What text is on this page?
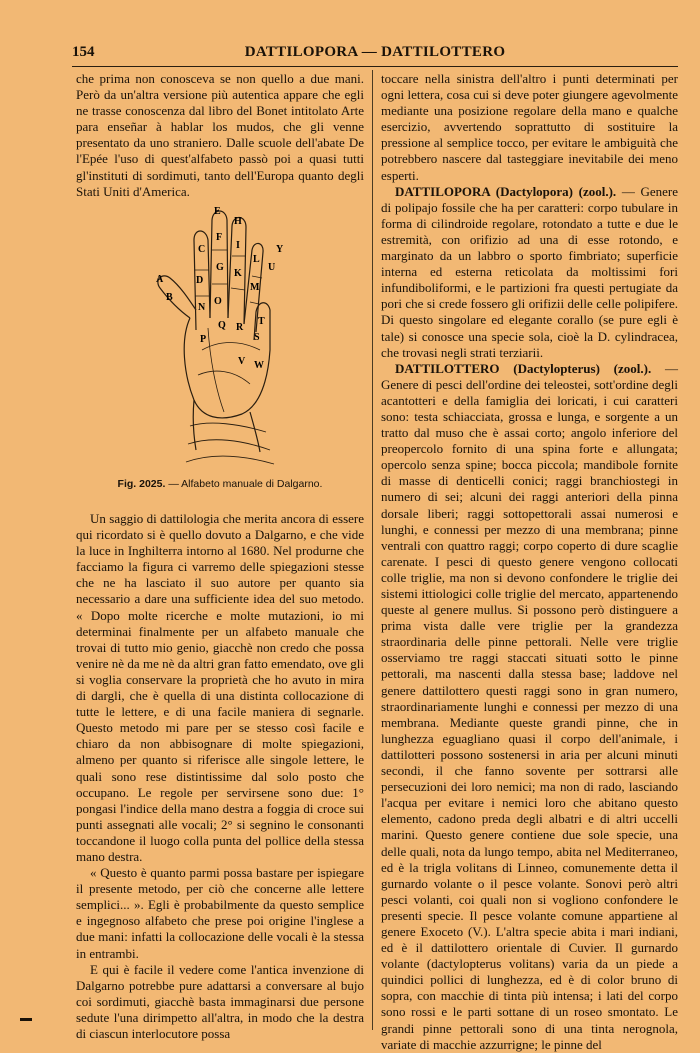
154	DATTILOPORA — DATTILOTTERO

che prima non conosceva se non quello a due mani. Però da un'altra versione più autentica appare che egli ne trasse conoscenza dal libro del Bonet intitolato Arte para enseñar à hablar los mudos, che gli venne presentato da uno straniero. Dalle scuole dell'abate De l'Epée l'uso di quest'alfabeto passò poi a quasi tutti gl'instituti di sordimuti, tanto dell'Europa quanto degli Stati Uniti d'America.

A
B
C
D
E
F
G
H
I
K
L
M
N
O
P
Q R
S
T
U
V W
Y
Fig. 2025. — Alfabeto manuale di Dalgarno.

Un saggio di dattilologia che merita ancora di essere qui ricordato si è quello dovuto a Dalgarno, e che vide la luce in Inghilterra intorno al 1680. Nel produrne che facciamo la figura ci varremo delle spiegazioni stesse che ne ha lasciato il suo autore per quanto sia necessario a dare una sufficiente idea del suo metodo. « Dopo molte ricerche e molte mutazioni, io mi determinai finalmente per un alfabeto manuale che trovai di tutto mio genio, giacchè non credo che possa venire nè da me nè da altri gran fatto emendato, ove gli si voglia conservare la proprietà che ho avuto in mira di dargli, che è quella di una distinta collocazione di tutte le lettere, e di una facile maniera di segnarle. Questo metodo mi pare per se stesso così facile e chiaro da non abbisognare di molte spiegazioni, almeno per quanto si riferisce alle singole lettere, le quali sono rese distintissime dal solo posto che occupano. Le regole per servirsene sono due: 1° pongasi l'indice della mano destra a foggia di croce sui punti assegnati alle vocali; 2° si segnino le consonanti toccandone il luogo colla punta del pollice della stessa mano destra.

« Questo è quanto parmi possa bastare per ispiegare il presente metodo, per ciò che concerne alle lettere semplici... ». Egli è probabilmente da questo semplice e ingegnoso alfabeto che prese poi origine l'inglese a due mani: infatti la collocazione delle vocali è la stessa in entrambi.

E qui è facile il vedere come l'antica invenzione di Dalgarno potrebbe pure adattarsi a conversare al bujo coi sordimuti, giacchè basta immaginarsi due persone sedute l'una dirimpetto all'altra, in modo che la destra di ciascun interlocutore possa

toccare nella sinistra dell'altro i punti determinati per ogni lettera, cosa cui si deve poter giungere agevolmente mediante una posizione regolare della mano e qualche esercizio, avvertendo soprattutto di sostituire la pressione al semplice tocco, per evitare le ambiguità che potrebbero nascere dal tasteggiare inevitabile dei meno esperti.

DATTILOPORA (Dactylopora) (zool.). — Genere di polipajo fossile che ha per caratteri: corpo tubulare in forma di cilindroide regolare, rotondato a tutte e due le estremità, con orifizio ad una di esse rotondo, e marginato da un labbro o sporto fimbriato; superficie interna ed esterna reticolata da moltissimi fori infundiboliformi, e le partizioni fra questi pertugiate da pori che si crede fossero gli orifizii delle celle polipifere. Di questo singolare ed elegante corallo (se pure egli è tale) si conosce una specie sola, cioè la D. cylindracea, che trovasi negli strati terziarii.

DATTILOTTERO (Dactylopterus) (zool.). — Genere di pesci dell'ordine dei teleostei, sott'ordine degli acantotteri e della famiglia dei loricati, i cui caratteri sono: testa schiacciata, grossa e lunga, e sorgente a un tratto dal muso che è assai corto; angolo inferiore del preopercolo fornito di una spina forte e allungata; opercolo senza spine; bocca piccola; mandibole fornite di masse di denticelli conici; raggi branchiostegi in numero di sei; alcuni dei raggi anteriori della pinna dorsale liberi; raggi sottopettorali assai numerosi e lunghi, e connessi per mezzo di una membrana; pinne ventrali con quattro raggi; corpo coperto di dure scaglie carenate. I pesci di questo genere vengono collocati colle triglie, ma non si devono confondere le triglie dei sistemi ittiologici colle triglie del mercato, appartenendo queste al genere mullus. Si possono però distinguere a prima vista dalle vere triglie per la grandezza straordinaria delle pinne pettorali. Nelle vere triglie osserviamo tre raggi staccati situati sotto le pinne pettorali, ma nascenti dalla stessa base; laddove nel genere dattilottero questi raggi sono in gran numero, straordinariamente lunghi e connessi per mezzo di una membrana. Mediante queste grandi pinne, che in lunghezza eguagliano quasi il corpo dell'animale, i dattilotteri possono sostenersi in aria per alcuni minuti secondi, il che fanno sovente per sottrarsi alle persecuzioni dei loro nemici; ma non di rado, lasciando l'acqua per evitare i nemici loro che abitano questo elemento, cadono preda degli albatri e di altri uccelli marini. Questo genere contiene due sole specie, una delle quali, nota da lungo tempo, abita nel Mediterraneo, ed è la trigla volitans di Linneo, comunemente detta il gurnardo volante o il pesce volante. Sonovi però altri pesci volanti, coi quali non si vogliono confondere le presenti specie. Il pesce volante comune appartiene al genere Exoceto (V.). L'altra specie abita i mari indiani, ed è il dattilottero orientale di Cuvier. Il gurnardo volante (dactylopterus volitans) varia da un piede a quindici pollici di lunghezza, ed è di color bruno di sopra, con macchie di tinta più intensa; i lati del corpo sono rossi e le parti sottane di un roseo smontato. Le grandi pinne pettorali sono di una tinta nerognola, variate di macchie azzurrigne; le pinne del
